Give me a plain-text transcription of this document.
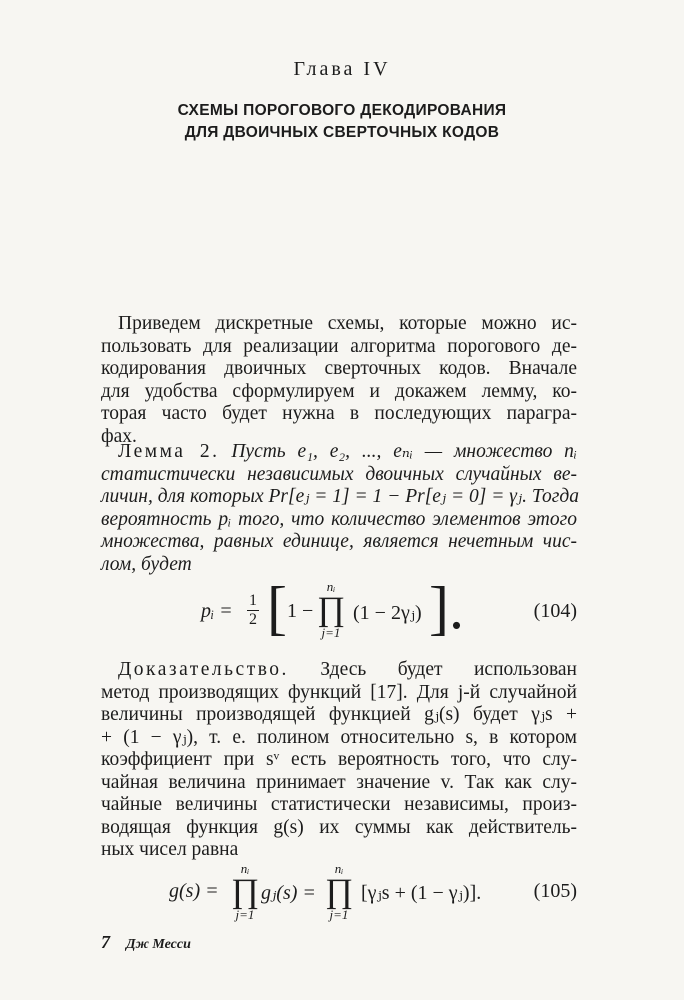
Глава IV
СХЕМЫ ПОРОГОВОГО ДЕКОДИРОВАНИЯ
ДЛЯ ДВОИЧНЫХ СВЕРТОЧНЫХ КОДОВ
Приведем дискретные схемы, которые можно ис-
пользовать для реализации алгоритма порогового де-
кодирования двоичных сверточных кодов. Вначале
для удобства сформулируем и докажем лемму, ко-
торая часто будет нужна в последующих парагра-
фах.
Лемма 2. Пусть e₁, e₂, ..., eₙᵢ — множество nᵢ
статистически независимых двоичных случайных ве-
личин, для которых Pr[eⱼ = 1] = 1 − Pr[eⱼ = 0] = γⱼ. Тогда
вероятность pᵢ того, что количество элементов этого
множества, равных единице, является нечетным чис-
лом, будет
pᵢ = $\frac{1}{2}$ [ 1 −
nᵢ
∏
j=1
(1 − 2γⱼ) ].	(104)
Доказательство. Здесь будет использован
метод производящих функций [17]. Для j-й случайной
величины производящей функцией gⱼ(s) будет γⱼs +
+ (1 − γⱼ), т. е. полином относительно s, в котором
коэффициент при sᵛ есть вероятность того, что слу-
чайная величина принимает значение v. Так как слу-
чайные величины статистически независимы, произ-
водящая функция g(s) их суммы как действитель-
ных чисел равна
g(s) =
nᵢ
∏
j=1
gⱼ(s) =
nᵢ
∏
j=1
[γⱼs + (1 − γⱼ)].	(105)
7 Дж Месси
